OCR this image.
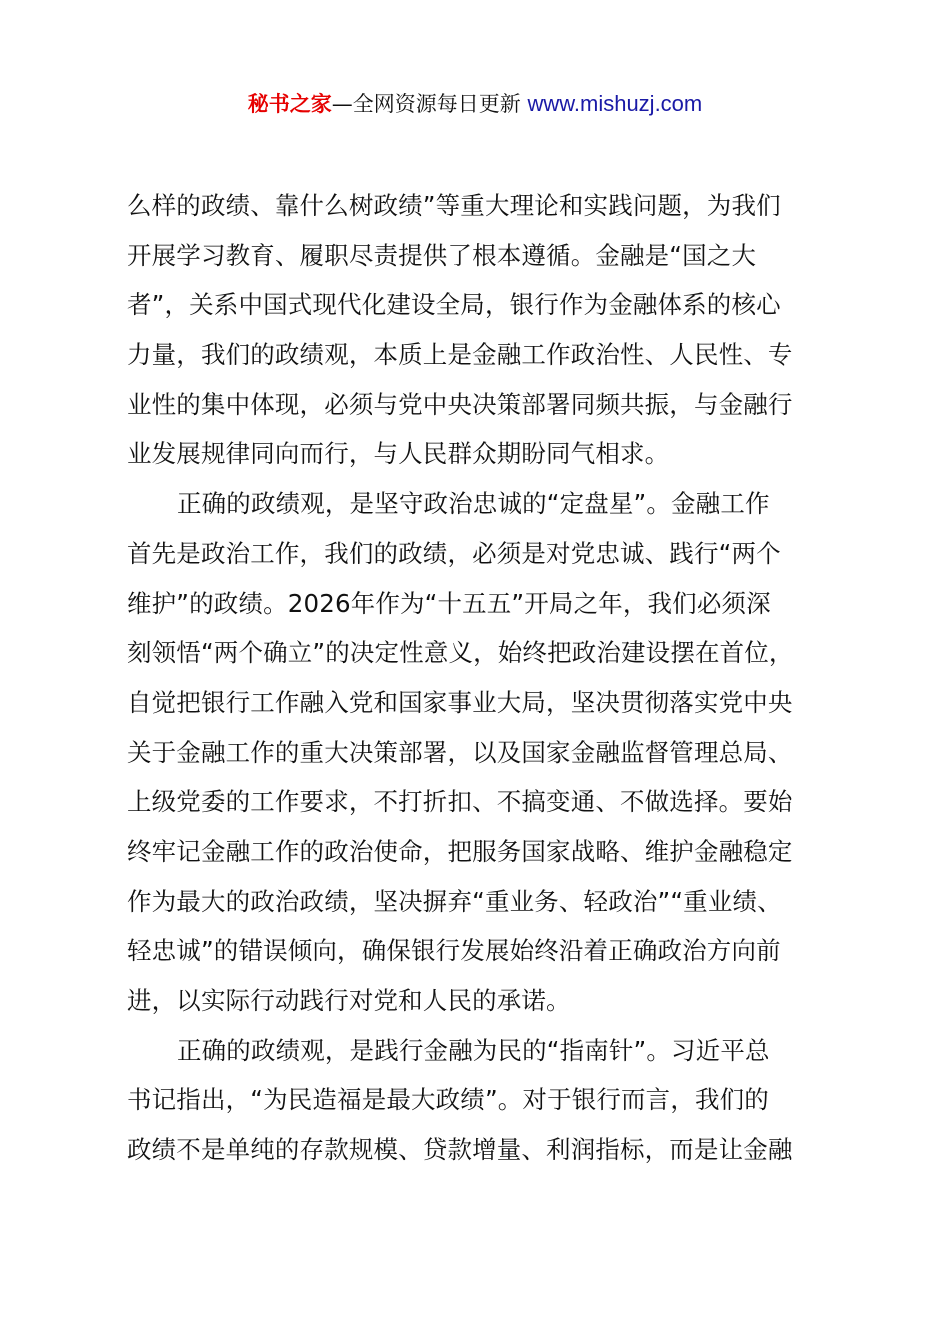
秘书之家—全网资源每日更新 www.mishuzj.com
么样的政绩、靠什么树政绩”等重大理论和实践问题，为我们
开展学习教育、履职尽责提供了根本遵循。金融是“国之大
者”，关系中国式现代化建设全局，银行作为金融体系的核心
力量，我们的政绩观，本质上是金融工作政治性、人民性、专
业性的集中体现，必须与党中央决策部署同频共振，与金融行
业发展规律同向而行，与人民群众期盼同气相求。
正确的政绩观，是坚守政治忠诚的“定盘星”。金融工作
首先是政治工作，我们的政绩，必须是对党忠诚、践行“两个
维护”的政绩。2026年作为“十五五”开局之年，我们必须深
刻领悟“两个确立”的决定性意义，始终把政治建设摆在首位，
自觉把银行工作融入党和国家事业大局，坚决贯彻落实党中央
关于金融工作的重大决策部署，以及国家金融监督管理总局、
上级党委的工作要求，不打折扣、不搞变通、不做选择。要始
终牢记金融工作的政治使命，把服务国家战略、维护金融稳定
作为最大的政治政绩，坚决摒弃“重业务、轻政治”“重业绩、
轻忠诚”的错误倾向，确保银行发展始终沿着正确政治方向前
进，以实际行动践行对党和人民的承诺。
正确的政绩观，是践行金融为民的“指南针”。习近平总
书记指出，“为民造福是最大政绩”。对于银行而言，我们的
政绩不是单纯的存款规模、贷款增量、利润指标，而是让金融
